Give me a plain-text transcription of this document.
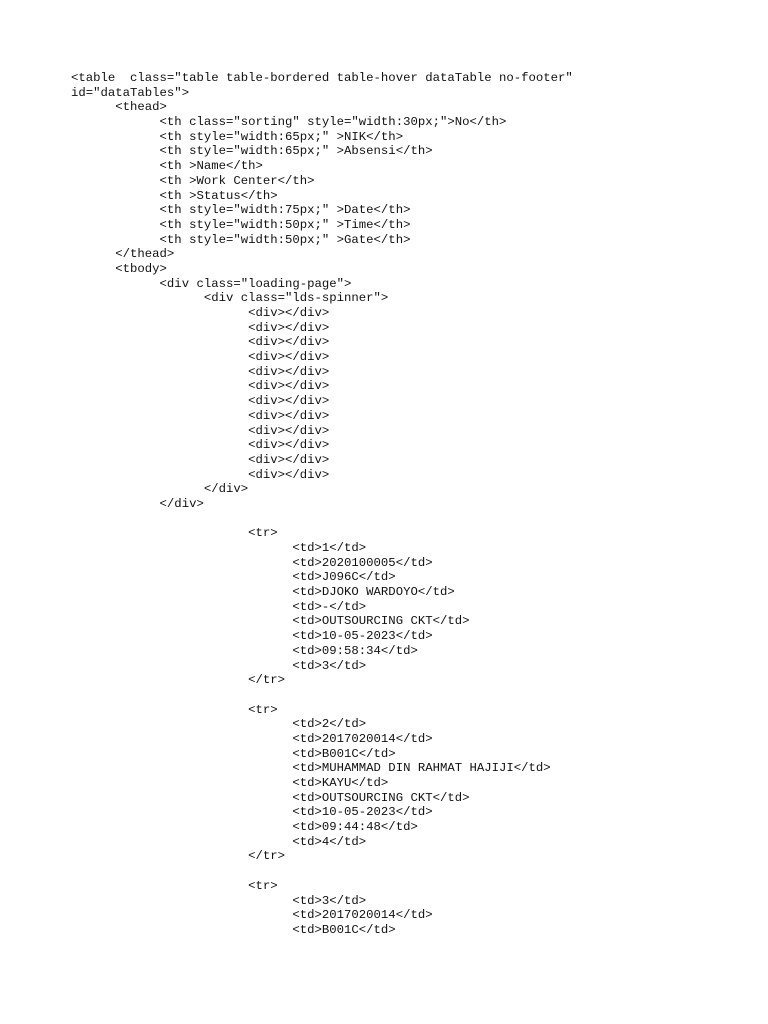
<table  class="table table-bordered table-hover dataTable no-footer"
id="dataTables">
<thead>
<th class="sorting" style="width:30px;">No</th>
<th style="width:65px;" >NIK</th>
<th style="width:65px;" >Absensi</th>
<th >Name</th>
<th >Work Center</th>
<th >Status</th>
<th style="width:75px;" >Date</th>
<th style="width:50px;" >Time</th>
<th style="width:50px;" >Gate</th>
</thead>
<tbody>
<div class="loading-page">
<div class="lds-spinner">
<div></div>
<div></div>
<div></div>
<div></div>
<div></div>
<div></div>
<div></div>
<div></div>
<div></div>
<div></div>
<div></div>
<div></div>
</div>
</div>
<tr>
<td>1</td>
<td>2020100005</td>
<td>J096C</td>
<td>DJOKO WARDOYO</td>
<td>-</td>
<td>OUTSOURCING CKT</td>
<td>10-05-2023</td>
<td>09:58:34</td>
<td>3</td>
</tr>
<tr>
<td>2</td>
<td>2017020014</td>
<td>B001C</td>
<td>MUHAMMAD DIN RAHMAT HAJIJI</td>
<td>KAYU</td>
<td>OUTSOURCING CKT</td>
<td>10-05-2023</td>
<td>09:44:48</td>
<td>4</td>
</tr>
<tr>
<td>3</td>
<td>2017020014</td>
<td>B001C</td>
